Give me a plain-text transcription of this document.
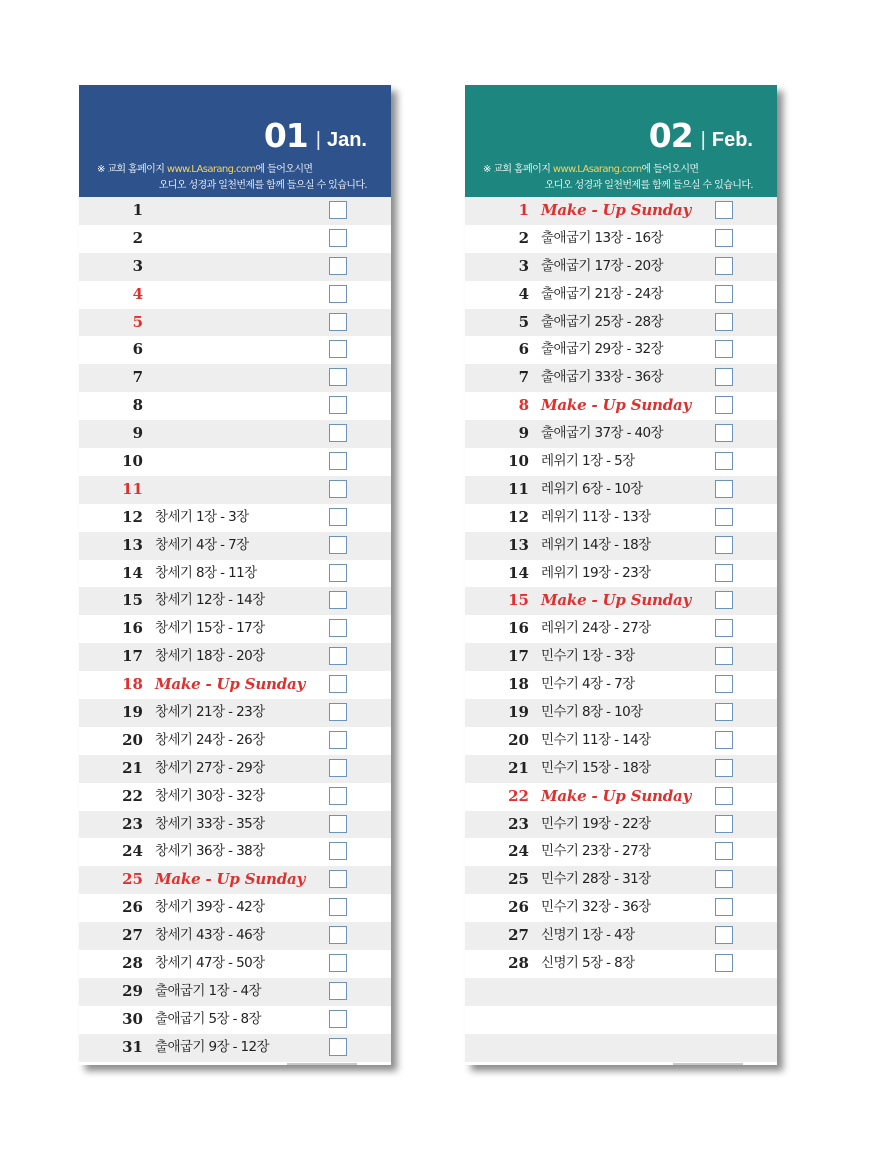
01 | Jan.
※ 교회 홈페이지 www.LAsarang.com에 들어오시면
오디오 성경과 일천번제를 함께 들으실 수 있습니다.
1
2
3
4
5
6
7
8
9
10
11
12 창세기 1장 - 3장
13 창세기 4장 - 7장
14 창세기 8장 - 11장
15 창세기 12장 - 14장
16 창세기 15장 - 17장
17 창세기 18장 - 20장
18 Make - Up Sunday
19 창세기 21장 - 23장
20 창세기 24장 - 26장
21 창세기 27장 - 29장
22 창세기 30장 - 32장
23 창세기 33장 - 35장
24 창세기 36장 - 38장
25 Make - Up Sunday
26 창세기 39장 - 42장
27 창세기 43장 - 46장
28 창세기 47장 - 50장
29 출애굽기 1장 - 4장
30 출애굽기 5장 - 8장
31 출애굽기 9장 - 12장
02 | Feb.
※ 교회 홈페이지 www.LAsarang.com에 들어오시면
오디오 성경과 일천번제를 함께 들으실 수 있습니다.
1 Make - Up Sunday
2 출애굽기 13장 - 16장
3 출애굽기 17장 - 20장
4 출애굽기 21장 - 24장
5 출애굽기 25장 - 28장
6 출애굽기 29장 - 32장
7 출애굽기 33장 - 36장
8 Make - Up Sunday
9 출애굽기 37장 - 40장
10 레위기 1장 - 5장
11 레위기 6장 - 10장
12 레위기 11장 - 13장
13 레위기 14장 - 18장
14 레위기 19장 - 23장
15 Make - Up Sunday
16 레위기 24장 - 27장
17 민수기 1장 - 3장
18 민수기 4장 - 7장
19 민수기 8장 - 10장
20 민수기 11장 - 14장
21 민수기 15장 - 18장
22 Make - Up Sunday
23 민수기 19장 - 22장
24 민수기 23장 - 27장
25 민수기 28장 - 31장
26 민수기 32장 - 36장
27 신명기 1장 - 4장
28 신명기 5장 - 8장
